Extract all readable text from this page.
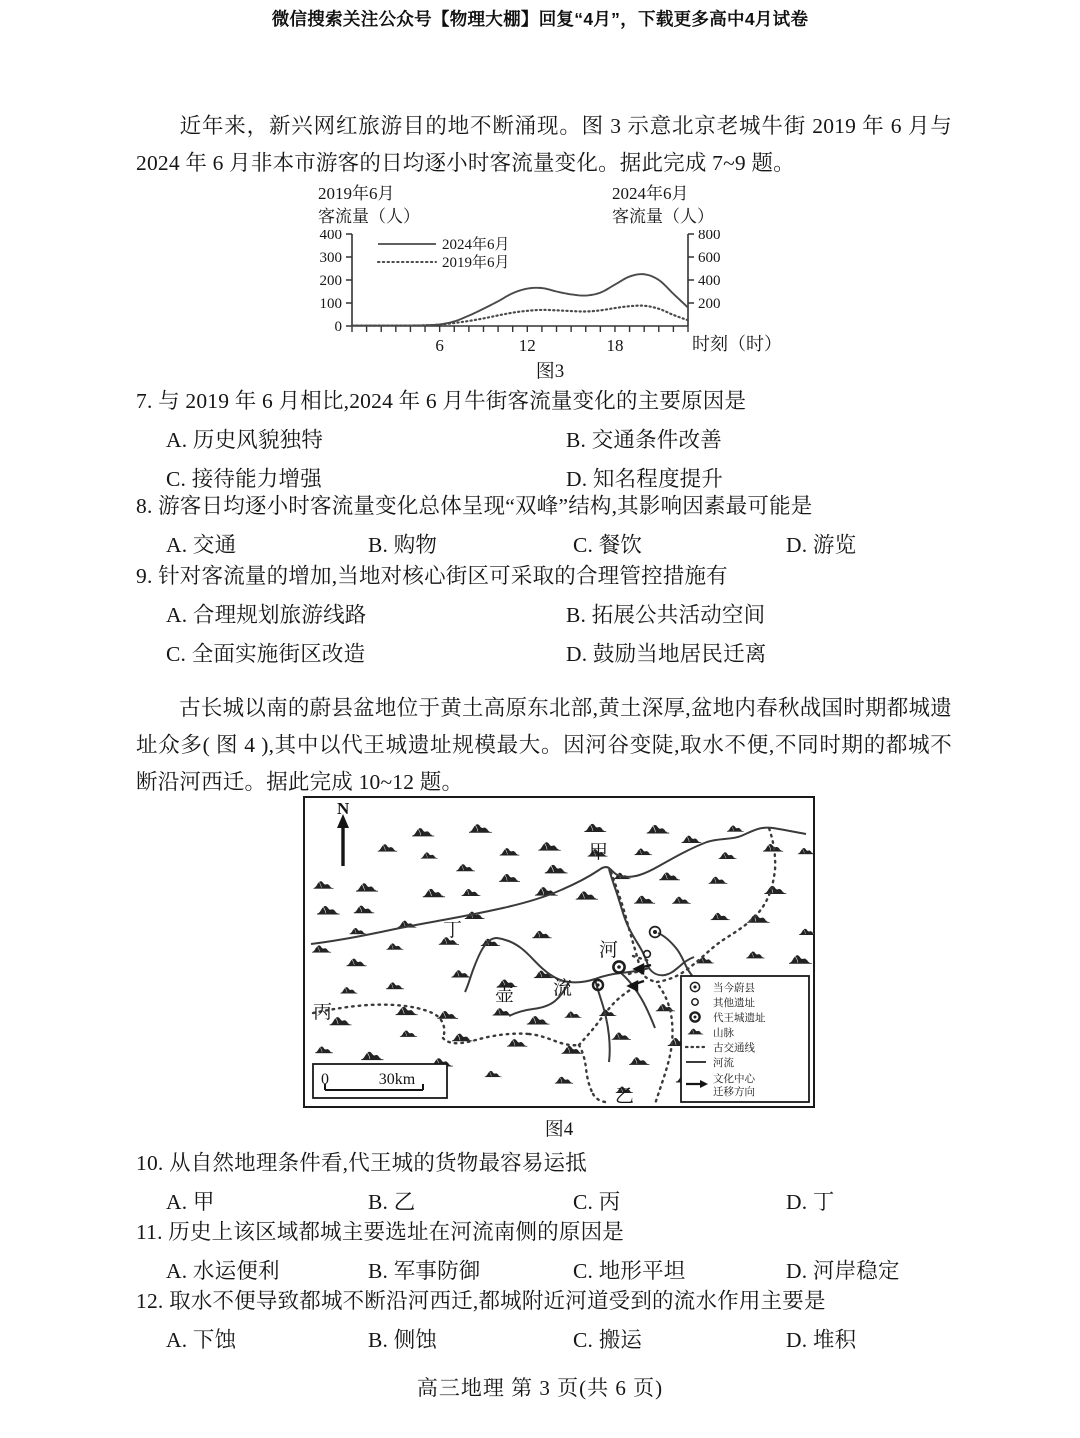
微信搜索关注公众号【物理大棚】回复“4月”，下载更多高中4月试卷
近年来，新兴网红旅游目的地不断涌现。图 3 示意北京老城牛街 2019 年 6 月与 2024 年 6 月非本市游客的日均逐小时客流量变化。据此完成 7~9 题。
2019年6月
客流量（人）
2024年6月
客流量（人）
0
100
200
300
400
200
400
600
800
6	12	18
2024年6月
2019年6月
时刻（时）
图3
7. 与 2019 年 6 月相比,2024 年 6 月牛街客流量变化的主要原因是
A. 历史风貌独特	B. 交通条件改善
C. 接待能力增强	D. 知名程度提升
8. 游客日均逐小时客流量变化总体呈现“双峰”结构,其影响因素最可能是
A. 交通	B. 购物	C. 餐饮	D. 游览
9. 针对客流量的增加,当地对核心街区可采取的合理管控措施有
A. 合理规划旅游线路	B. 拓展公共活动空间
C. 全面实施街区改造	D. 鼓励当地居民迁离
古长城以南的蔚县盆地位于黄土高原东北部,黄土深厚,盆地内春秋战国时期都城遗址众多( 图 4 ),其中以代王城遗址规模最大。因河谷变陡,取水不便,不同时期的都城不断沿河西迁。据此完成 10~12 题。
当今蔚县
其他遗址
代王城遗址
山脉
古交通线
河流
文化中心
迁移方向
N
甲
乙
丙
丁
壶 流
河
0	30km
图4
10. 从自然地理条件看,代王城的货物最容易运抵
A. 甲	B. 乙	C. 丙	D. 丁
11. 历史上该区域都城主要选址在河流南侧的原因是
A. 水运便利	B. 军事防御	C. 地形平坦	D. 河岸稳定
12. 取水不便导致都城不断沿河西迁,都城附近河道受到的流水作用主要是
A. 下蚀	B. 侧蚀	C. 搬运	D. 堆积
高三地理 第 3 页(共 6 页)
